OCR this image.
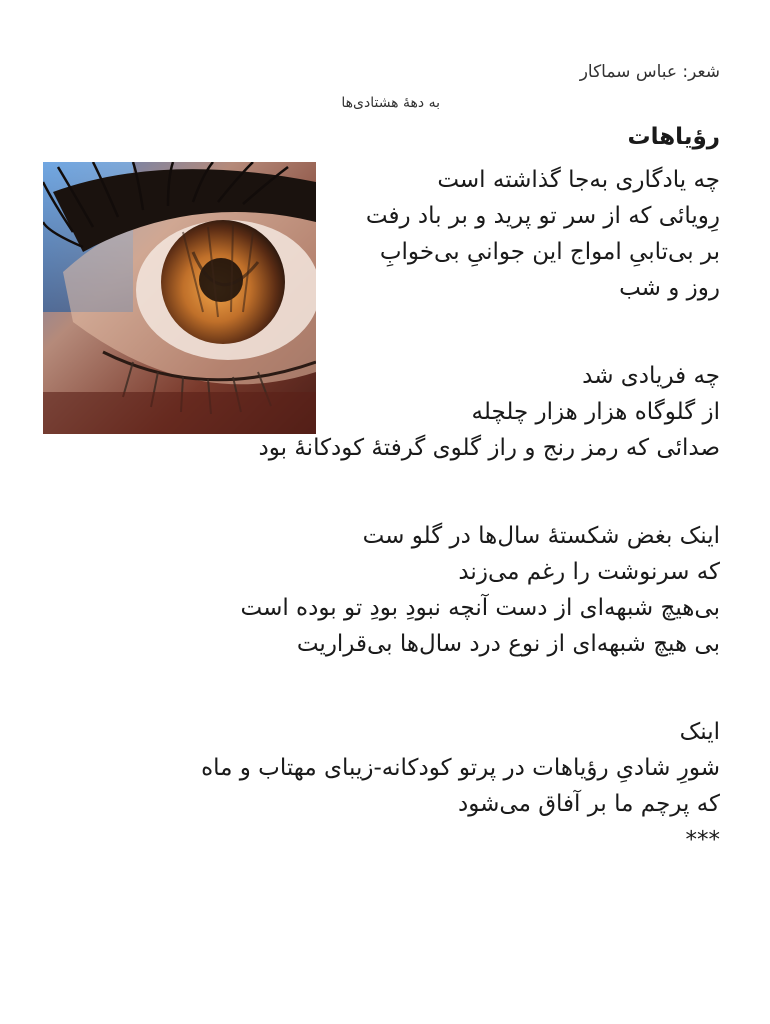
شعر: عباس سماکار
به دههٔ هشتادی‌ها
رؤیاهات
چه یادگاری به‌جا گذاشته است
رِویائی که از سر تو پرید و بر باد رفت
بر بی‌تابیِ امواج این جوانیِ بی‌خوابِ
روز و شب
چه فریادی شد
از گلوگاه هزار هزار چلچله
صدائی که رمز رنج و راز گلوی گرفتهٔ کودکانهٔ بود
اینک بغض شکستهٔ سال‌ها در گلو ست
که سرنوشت را رغم می‌زند
بی‌هیچ شبهه‌ای از دست آنچه نبودِ بودِ تو بوده است
بی هیچ شبهه‌ای از نوع درد سال‌ها بی‌قراریت
اینک
شورِ شادیِ رؤیاهات در پرتو کودکانه-زیبای مهتاب و ماه
که پرچم ما بر آفاق می‌شود
***
